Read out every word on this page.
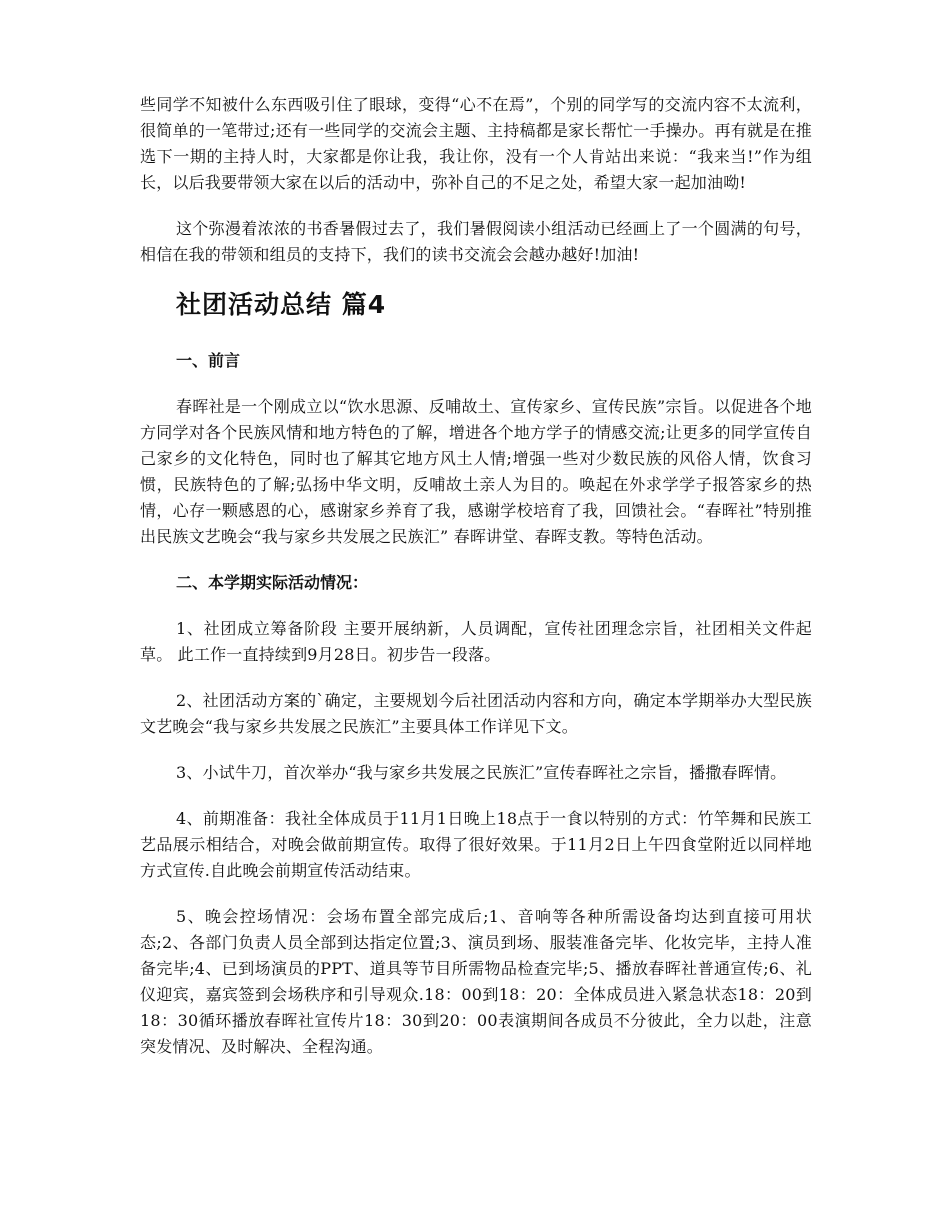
些同学不知被什么东西吸引住了眼球，变得“心不在焉”，个别的同学写的交流内容不太流利，很简单的一笔带过;还有一些同学的交流会主题、主持稿都是家长帮忙一手操办。再有就是在推选下一期的主持人时，大家都是你让我，我让你，没有一个人肯站出来说：“我来当!”作为组长，以后我要带领大家在以后的活动中，弥补自己的不足之处，希望大家一起加油呦!

这个弥漫着浓浓的书香暑假过去了，我们暑假阅读小组活动已经画上了一个圆满的句号，相信在我的带领和组员的支持下，我们的读书交流会会越办越好!加油!

社团活动总结 篇4
一、前言

春晖社是一个刚成立以“饮水思源、反哺故土、宣传家乡、宣传民族”宗旨。以促进各个地方同学对各个民族风情和地方特色的了解，增进各个地方学子的情感交流;让更多的同学宣传自己家乡的文化特色，同时也了解其它地方风土人情;增强一些对少数民族的风俗人情，饮食习惯，民族特色的了解;弘扬中华文明，反哺故土亲人为目的。唤起在外求学学子报答家乡的热情，心存一颗感恩的心，感谢家乡养育了我，感谢学校培育了我，回馈社会。“春晖社”特别推出民族文艺晚会“我与家乡共发展之民族汇” 春晖讲堂、春晖支教。等特色活动。

二、本学期实际活动情况：

1、社团成立筹备阶段 主要开展纳新，人员调配，宣传社团理念宗旨，社团相关文件起草。 此工作一直持续到9月28日。初步告一段落。

2、社团活动方案的`确定，主要规划今后社团活动内容和方向，确定本学期举办大型民族文艺晚会“我与家乡共发展之民族汇”主要具体工作详见下文。

3、小试牛刀，首次举办“我与家乡共发展之民族汇”宣传春晖社之宗旨，播撒春晖情。

4、前期准备：我社全体成员于11月1日晚上18点于一食以特别的方式：竹竿舞和民族工艺品展示相结合，对晚会做前期宣传。取得了很好效果。于11月2日上午四食堂附近以同样地方式宣传.自此晚会前期宣传活动结束。

5、晚会控场情况：会场布置全部完成后;1、音响等各种所需设备均达到直接可用状态;2、各部门负责人员全部到达指定位置;3、演员到场、服装准备完毕、化妆完毕，主持人准备完毕;4、已到场演员的PPT、道具等节目所需物品检查完毕;5、播放春晖社普通宣传;6、礼仪迎宾，嘉宾签到会场秩序和引导观众.18：00到18：20：全体成员进入紧急状态18：20到18：30循环播放春晖社宣传片18：30到20：00表演期间各成员不分彼此，全力以赴，注意突发情况、及时解决、全程沟通。
